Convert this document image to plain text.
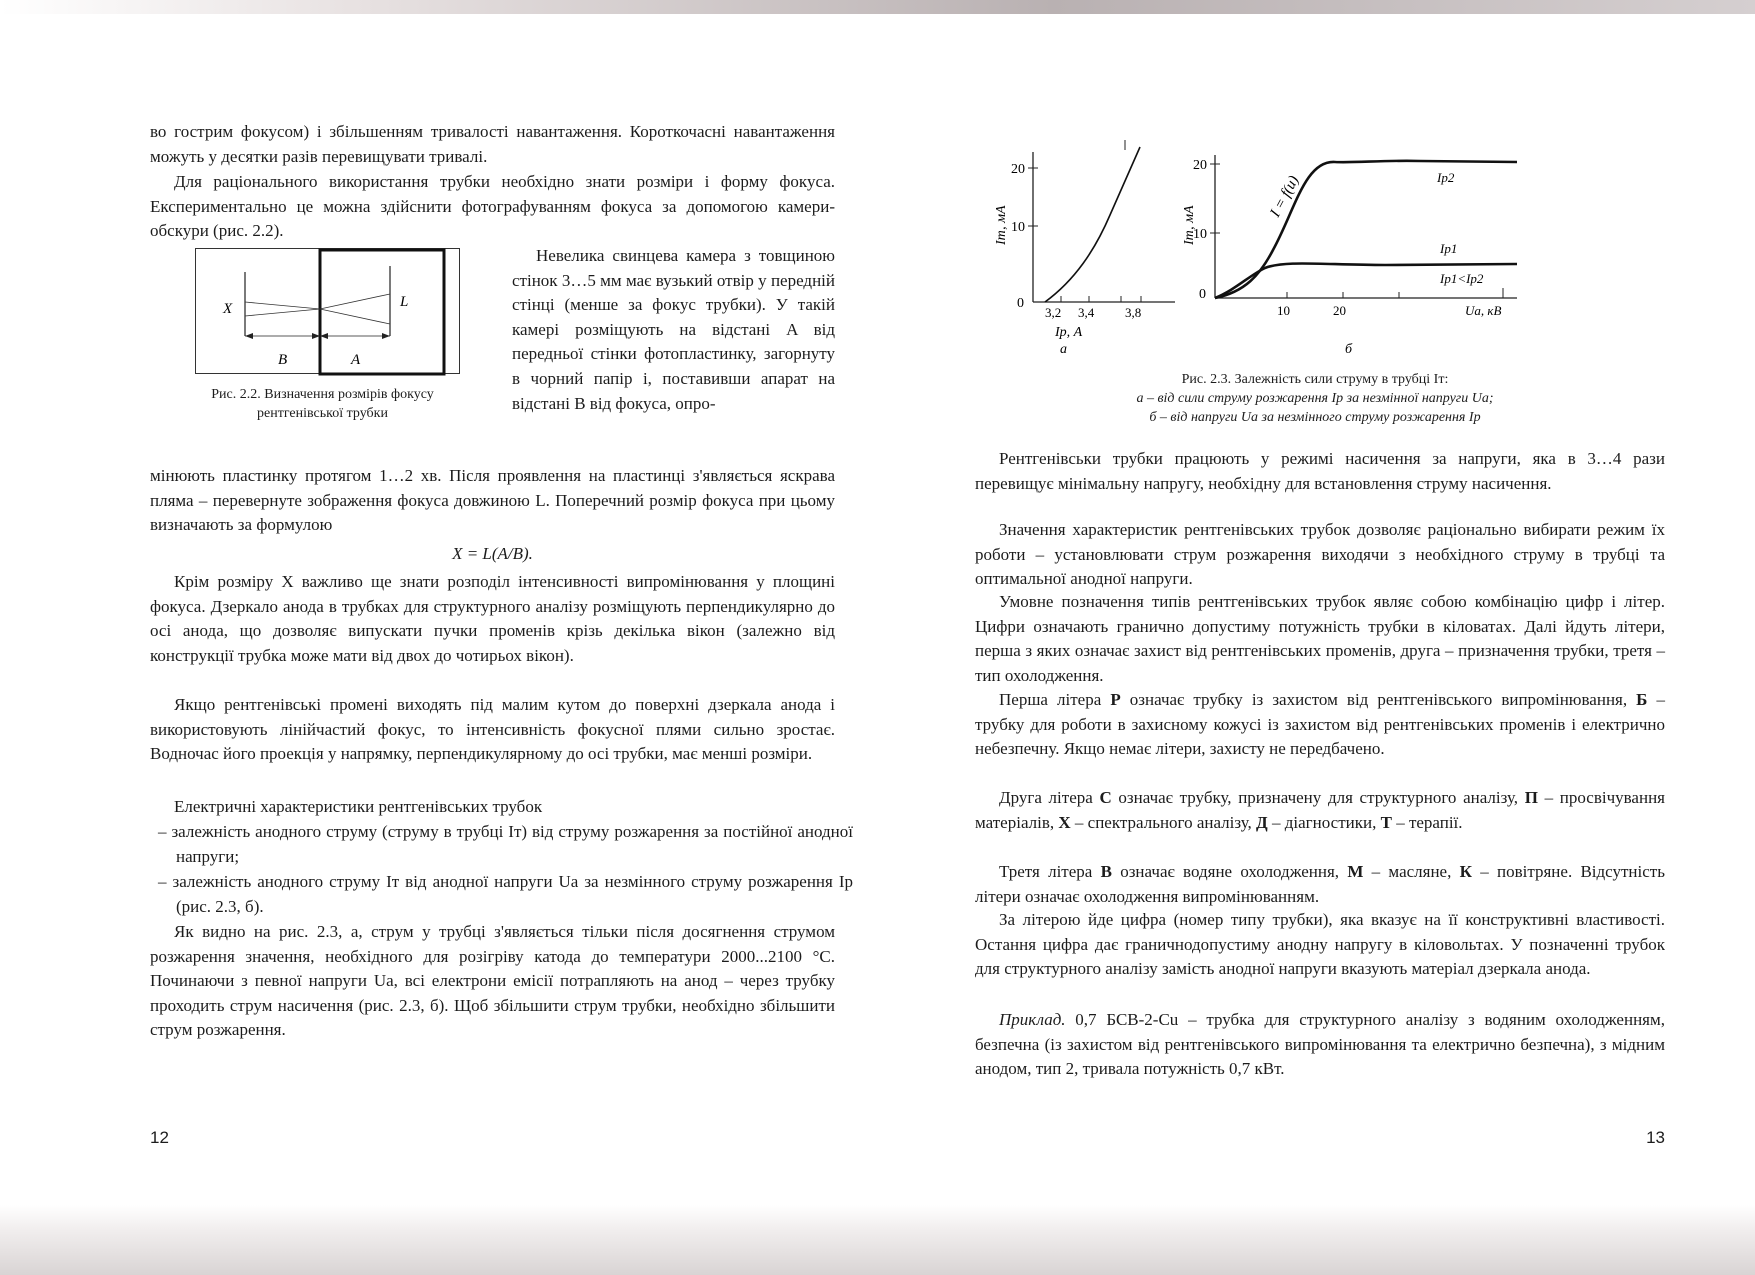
во гострим фокусом) і збільшенням тривалості навантаження. Короткочасні навантаження можуть у десятки разів перевищувати тривалі.

Для раціонального використання трубки необхідно знати розміри і форму фокуса. Експериментально це можна здійснити фотографуванням фокуса за допомогою камери-обскури (рис. 2.2).

X	L
B	A
Рис. 2.2. Визначення розмірів фокусу
рентгенівської трубки

Невелика свинцева камера з товщиною стінок 3…5 мм має вузький отвір у передній стінці (менше за фокус трубки). У такій камері розміщують на відстані A від передньої стінки фотопластинку, загорнуту в чорний папір і, поставивши апарат на відстані B від фокуса, опро-

мінюють пластинку протягом 1…2 хв. Після проявлення на пластинці з'являється яскрава пляма – перевернуте зображення фокуса довжиною L. Поперечний розмір фокуса при цьому визначають за формулою

X = L(A/B).

Крім розміру X важливо ще знати розподіл інтенсивності випромінювання у площині фокуса. Дзеркало анода в трубках для структурного аналізу розміщують перпендикулярно до осі анода, що дозволяє випускати пучки променів крізь декілька вікон (залежно від конструкції трубка може мати від двох до чотирьох вікон).

Якщо рентгенівські промені виходять під малим кутом до поверхні дзеркала анода і використовують лінійчастий фокус, то інтенсивність фокусної плями сильно зростає. Водночас його проекція у напрямку, перпендикулярному до осі трубки, має менші розміри.

Електричні характеристики рентгенівських трубок

– залежність анодного струму (струму в трубці Iт) від струму розжарення за постійної анодної напруги;
– залежність анодного струму Iт від анодної напруги Uа за незмінного струму розжарення Iр (рис. 2.3, б).

Як видно на рис. 2.3, а, струм у трубці з'являється тільки після досягнення струмом розжарення значення, необхідного для розігріву катода до температури 2000...2100 °С. Починаючи з певної напруги Uа, всі електрони емісії потрапляють на анод – через трубку проходить струм насичення (рис. 2.3, б). Щоб збільшити струм трубки, необхідно збільшити струм розжарення.

12
20
10
0
Iт, мА
3,2 3,4 3,8
Iр, А
а
20
10
0
Iт, мА
10	20	Uа, кВ
I = f(u)	Iр2
Iр1
Iр1<Iр2
б
Рис. 2.3. Залежність сили струму в трубці Iт:
а – від сили струму розжарення Iр за незмінної напруги Uа;
б – від напруги Uа за незмінного струму розжарення Iр

Рентгенівськи трубки працюють у режимі насичення за напруги, яка в 3…4 рази перевищує мінімальну напругу, необхідну для встановлення струму насичення.

Значення характеристик рентгенівських трубок дозволяє раціонально вибирати режим їх роботи – установлювати струм розжарення виходячи з необхідного струму в трубці та оптимальної анодної напруги.

Умовне позначення типів рентгенівських трубок являє собою комбінацію цифр і літер. Цифри означають гранично допустиму потужність трубки в кіловатах. Далі йдуть літери, перша з яких означає захист від рентгенівських променів, друга – призначення трубки, третя – тип охолодження.

Перша літера Р означає трубку із захистом від рентгенівського випромінювання, Б – трубку для роботи в захисному кожусі із захистом від рентгенівських променів і електрично небезпечну. Якщо немає літери, захисту не передбачено.

Друга літера С означає трубку, призначену для структурного аналізу, П – просвічування матеріалів, Х – спектрального аналізу, Д – діагностики, Т – терапії.

Третя літера В означає водяне охолодження, М – масляне, К – повітряне. Відсутність літери означає охолодження випромінюванням.

За літерою йде цифра (номер типу трубки), яка вказує на її конструктивні властивості. Остання цифра дає граничнодопустиму анодну напругу в кіловольтах. У позначенні трубок для структурного аналізу замість анодної напруги вказують матеріал дзеркала анода.

Приклад. 0,7 БСВ-2-Cu – трубка для структурного аналізу з водяним охолодженням, безпечна (із захистом від рентгенівського випромінювання та електрично безпечна), з мідним анодом, тип 2, тривала потужність 0,7 кВт.

13
